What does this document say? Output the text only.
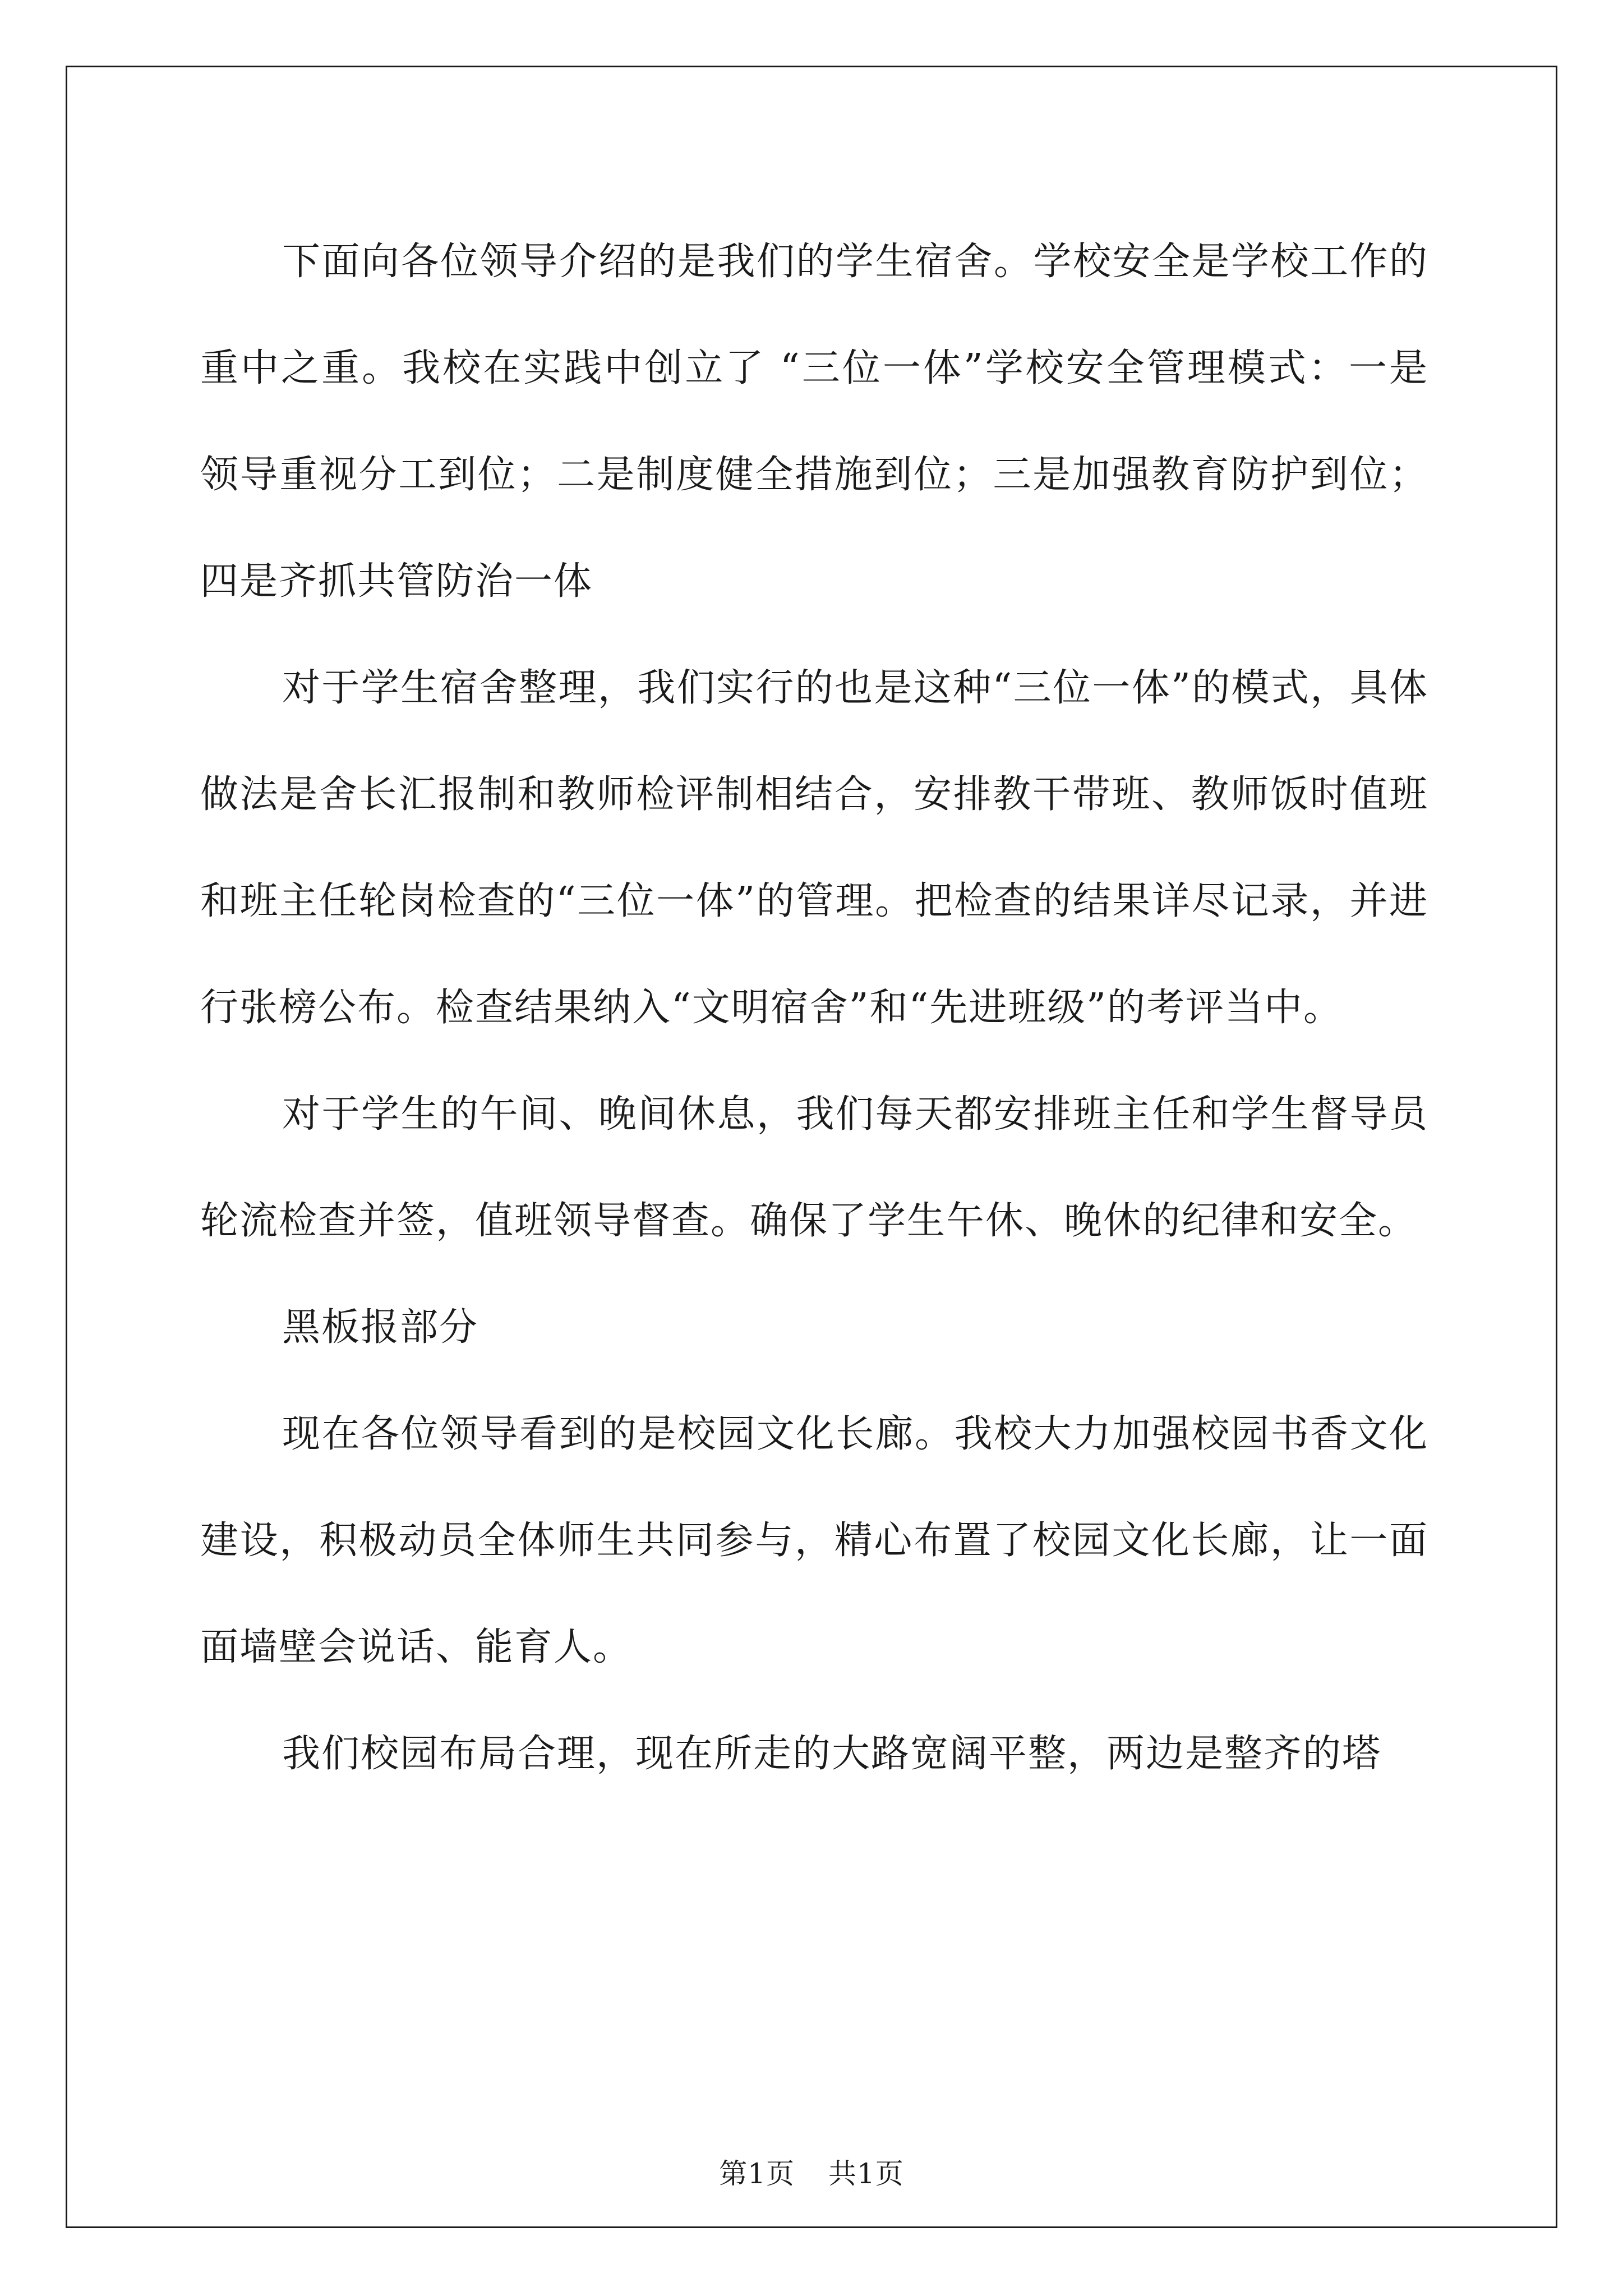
下面向各位领导介绍的是我们的学生宿舍。学校安全是学校工作的重中之重。我校在实践中创立了 “三位一体”学校安全管理模式：一是领导重视分工到位；二是制度健全措施到位；三是加强教育防护到位；四是齐抓共管防治一体

对于学生宿舍整理，我们实行的也是这种“三位一体”的模式，具体做法是舍长汇报制和教师检评制相结合，安排教干带班、教师饭时值班和班主任轮岗检查的“三位一体”的管理。把检查的结果详尽记录，并进行张榜公布。检查结果纳入“文明宿舍”和“先进班级”的考评当中。

对于学生的午间、晚间休息，我们每天都安排班主任和学生督导员轮流检查并签，值班领导督查。确保了学生午休、晚休的纪律和安全。

黑板报部分

现在各位领导看到的是校园文化长廊。我校大力加强校园书香文化建设，积极动员全体师生共同参与，精心布置了校园文化长廊，让一面面墙壁会说话、能育人。

我们校园布局合理，现在所走的大路宽阔平整，两边是整齐的塔

第1页 共1页
